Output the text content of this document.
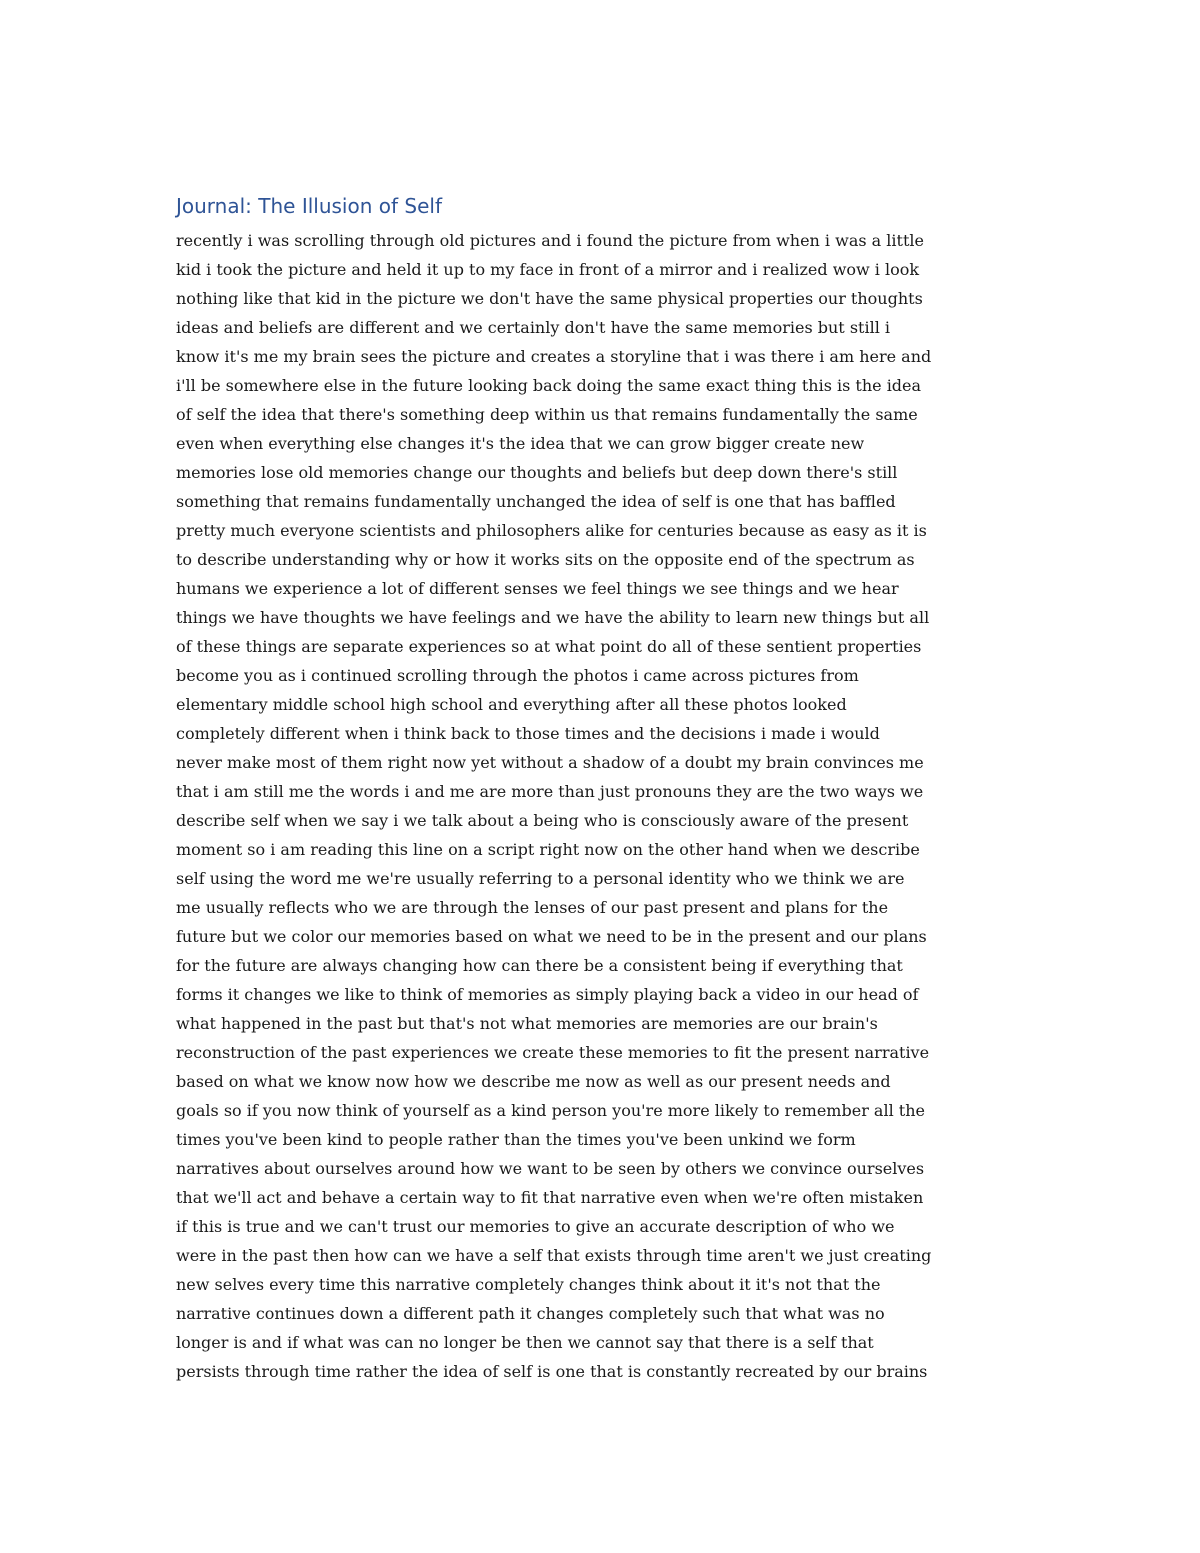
Journal: The Illusion of Self
recently i was scrolling through old pictures and i found the picture from when i was a little
kid i took the picture and held it up to my face in front of a mirror and i realized wow i look
nothing like that kid in the picture we don't have the same physical properties our thoughts
ideas and beliefs are different and we certainly don't have the same memories but still i
know it's me my brain sees the picture and creates a storyline that i was there i am here and
i'll be somewhere else in the future looking back doing the same exact thing this is the idea
of self the idea that there's something deep within us that remains fundamentally the same
even when everything else changes it's the idea that we can grow bigger create new
memories lose old memories change our thoughts and beliefs but deep down there's still
something that remains fundamentally unchanged the idea of self is one that has baffled
pretty much everyone scientists and philosophers alike for centuries because as easy as it is
to describe understanding why or how it works sits on the opposite end of the spectrum as
humans we experience a lot of different senses we feel things we see things and we hear
things we have thoughts we have feelings and we have the ability to learn new things but all
of these things are separate experiences so at what point do all of these sentient properties
become you as i continued scrolling through the photos i came across pictures from
elementary middle school high school and everything after all these photos looked
completely different when i think back to those times and the decisions i made i would
never make most of them right now yet without a shadow of a doubt my brain convinces me
that i am still me the words i and me are more than just pronouns they are the two ways we
describe self when we say i we talk about a being who is consciously aware of the present
moment so i am reading this line on a script right now on the other hand when we describe
self using the word me we're usually referring to a personal identity who we think we are
me usually reflects who we are through the lenses of our past present and plans for the
future but we color our memories based on what we need to be in the present and our plans
for the future are always changing how can there be a consistent being if everything that
forms it changes we like to think of memories as simply playing back a video in our head of
what happened in the past but that's not what memories are memories are our brain's
reconstruction of the past experiences we create these memories to fit the present narrative
based on what we know now how we describe me now as well as our present needs and
goals so if you now think of yourself as a kind person you're more likely to remember all the
times you've been kind to people rather than the times you've been unkind we form
narratives about ourselves around how we want to be seen by others we convince ourselves
that we'll act and behave a certain way to fit that narrative even when we're often mistaken
if this is true and we can't trust our memories to give an accurate description of who we
were in the past then how can we have a self that exists through time aren't we just creating
new selves every time this narrative completely changes think about it it's not that the
narrative continues down a different path it changes completely such that what was no
longer is and if what was can no longer be then we cannot say that there is a self that
persists through time rather the idea of self is one that is constantly recreated by our brains
